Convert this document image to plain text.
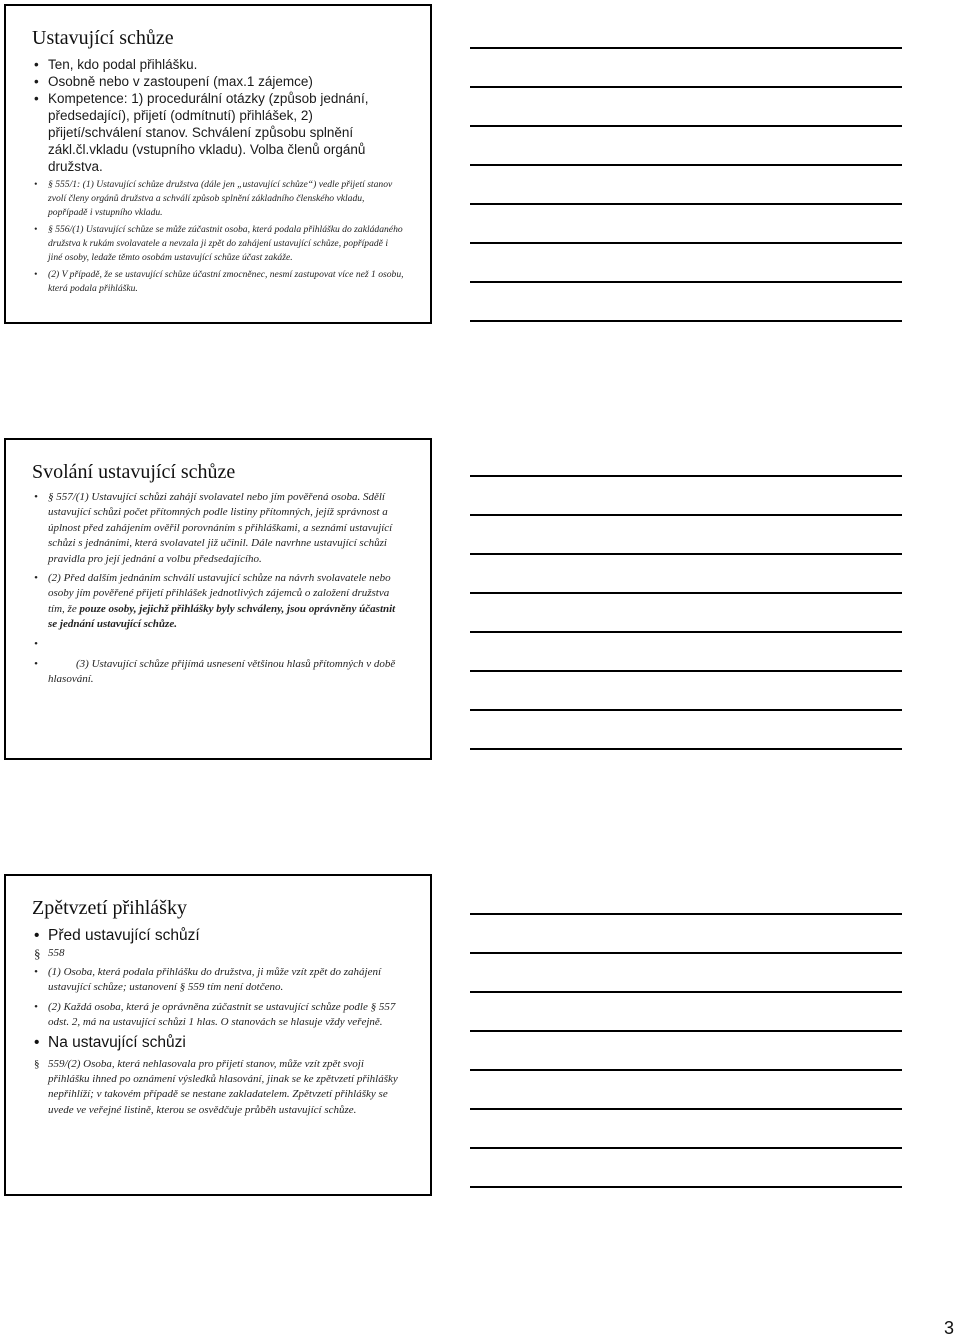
Ustavující schůze
• Ten, kdo podal přihlášku.
• Osobně nebo v zastoupení (max.1 zájemce)
• Kompetence: 1) procedurální otázky (způsob jednání, předsedající), přijetí (odmítnutí) přihlášek, 2) přijetí/schválení stanov. Schválení způsobu splnění zákl.čl.vkladu (vstupního vkladu). Volba členů orgánů družstva.
• § 555/1: (1) Ustavující schůze družstva (dále jen „ustavující schůze“) vedle přijetí stanov zvolí členy orgánů družstva a schválí způsob splnění základního členského vkladu, popřípadě i vstupního vkladu.
• § 556/(1) Ustavující schůze se může zúčastnit osoba, která podala přihlášku do zakládaného družstva k rukám svolavatele a nevzala ji zpět do zahájení ustavující schůze, popřípadě i jiné osoby, ledaže těmto osobám ustavující schůze účast zakáže.
• (2) V případě, že se ustavující schůze účastní zmocněnec, nesmí zastupovat více než 1 osobu, která podala přihlášku.
Svolání ustavující schůze
• § 557/(1) Ustavující schůzi zahájí svolavatel nebo jím pověřená osoba. Sdělí ustavující schůzi počet přítomných podle listiny přítomných, jejíž správnost a úplnost před zahájením ověřil porovnáním s přihláškami, a seznámí ustavující schůzi s jednáními, která svolavatel již učinil. Dále navrhne ustavující schůzi pravidla pro její jednání a volbu předsedajícího.
• (2) Před dalším jednáním schválí ustavující schůze na návrh svolavatele nebo osoby jím pověřené přijetí přihlášek jednotlivých zájemců o založení družstva tím, že pouze osoby, jejichž přihlášky byly schváleny, jsou oprávněny účastnit se jednání ustavující schůze.
•
•	(3) Ustavující schůze přijímá usnesení většinou hlasů přítomných v době hlasování.
Zpětvzetí přihlášky
• Před ustavující schůzí
§ 558
• (1) Osoba, která podala přihlášku do družstva, ji může vzít zpět do zahájení ustavující schůze; ustanovení § 559 tím není dotčeno.
• (2) Každá osoba, která je oprávněna zúčastnit se ustavující schůze podle § 557 odst. 2, má na ustavující schůzi 1 hlas. O stanovách se hlasuje vždy veřejně.
• Na ustavující schůzi
§ 559/(2) Osoba, která nehlasovala pro přijetí stanov, může vzít zpět svoji přihlášku ihned po oznámení výsledků hlasování, jinak se ke zpětvzetí přihlášky nepřihlíží; v takovém případě se nestane zakladatelem. Zpětvzetí přihlášky se uvede ve veřejné listině, kterou se osvědčuje průběh ustavující schůze.
3
